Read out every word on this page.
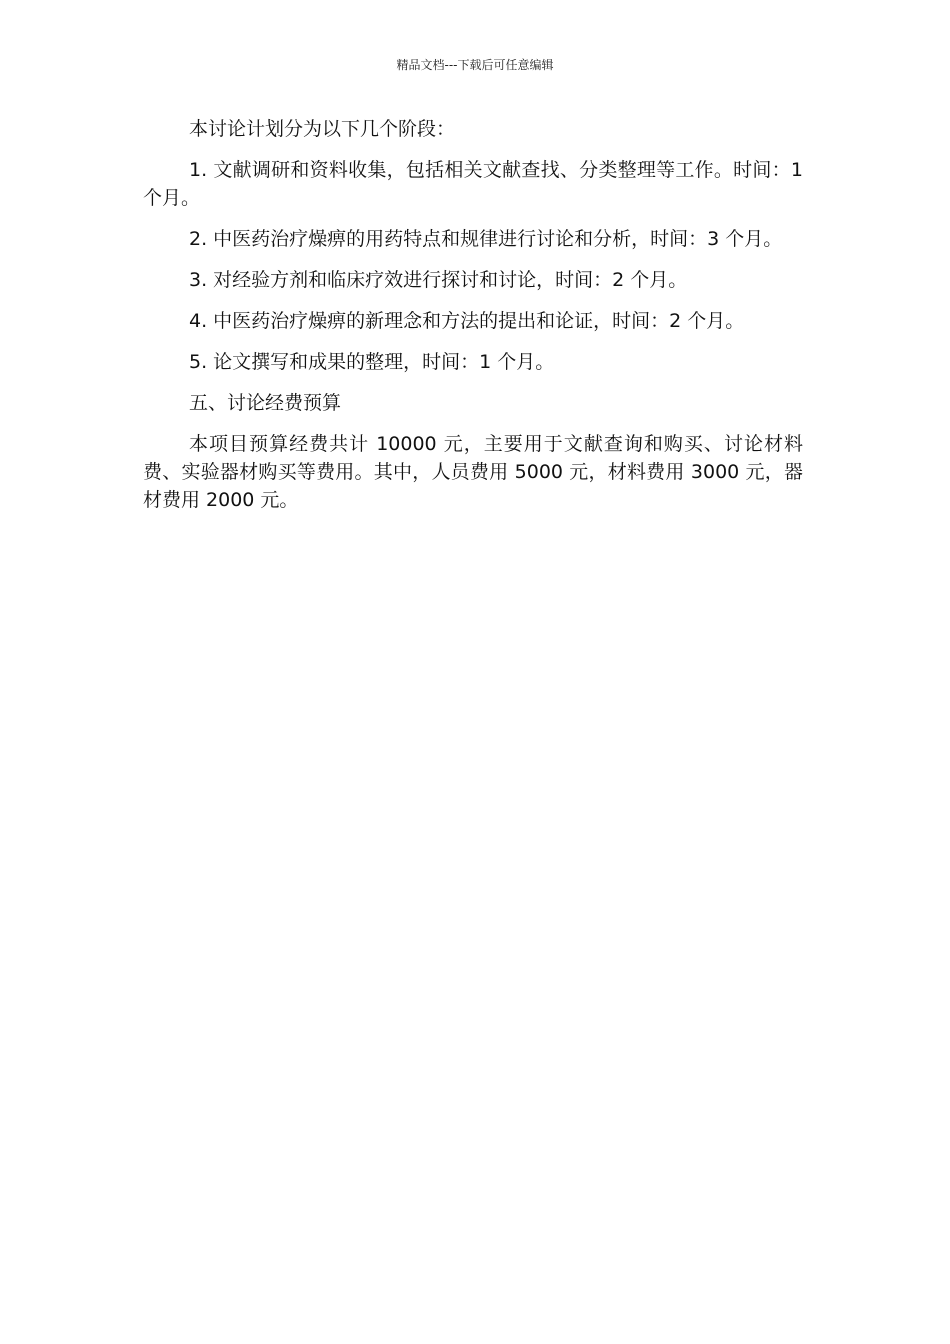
精品文档---下载后可任意编辑

本讨论计划分为以下几个阶段：

1. 文献调研和资料收集，包括相关文献查找、分类整理等工作。时间：1 个月。

2. 中医药治疗燥痹的用药特点和规律进行讨论和分析，时间：3 个月。

3. 对经验方剂和临床疗效进行探讨和讨论，时间：2 个月。

4. 中医药治疗燥痹的新理念和方法的提出和论证，时间：2 个月。

5. 论文撰写和成果的整理，时间：1 个月。

五、讨论经费预算

本项目预算经费共计 10000 元，主要用于文献查询和购买、讨论材料费、实验器材购买等费用。其中，人员费用 5000 元，材料费用 3000 元，器材费用 2000 元。
